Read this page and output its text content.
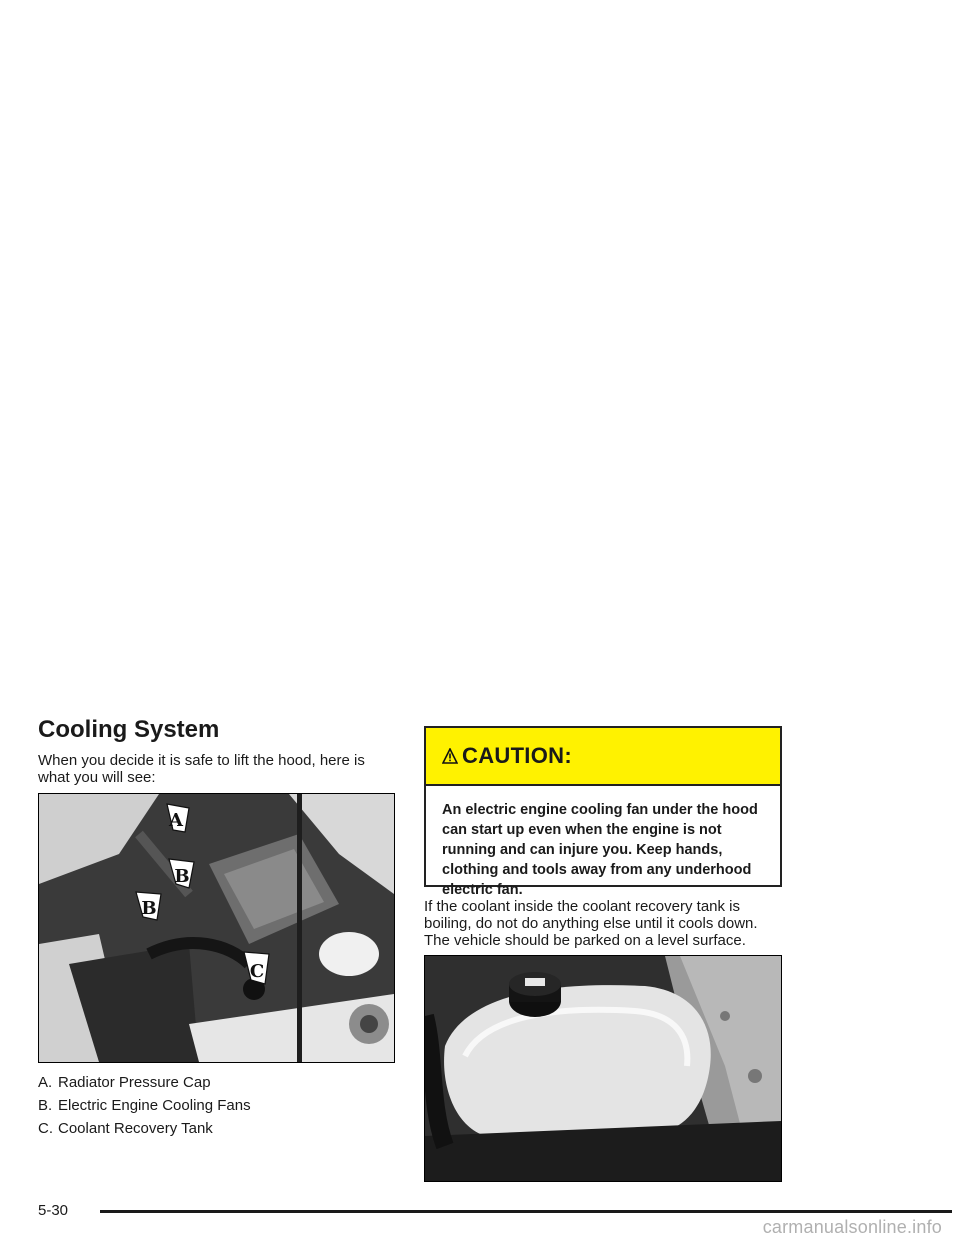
Cooling System

When you decide it is safe to lift the hood, here is what you will see:

A
B
B
C
A. Radiator Pressure Cap
B. Electric Engine Cooling Fans
C. Coolant Recovery Tank
CAUTION:

An electric engine cooling fan under the hood can start up even when the engine is not running and can injure you. Keep hands, clothing and tools away from any underhood electric fan.

If the coolant inside the coolant recovery tank is boiling, do not do anything else until it cools down. The vehicle should be parked on a level surface.

5-30
carmanualsonline.info
